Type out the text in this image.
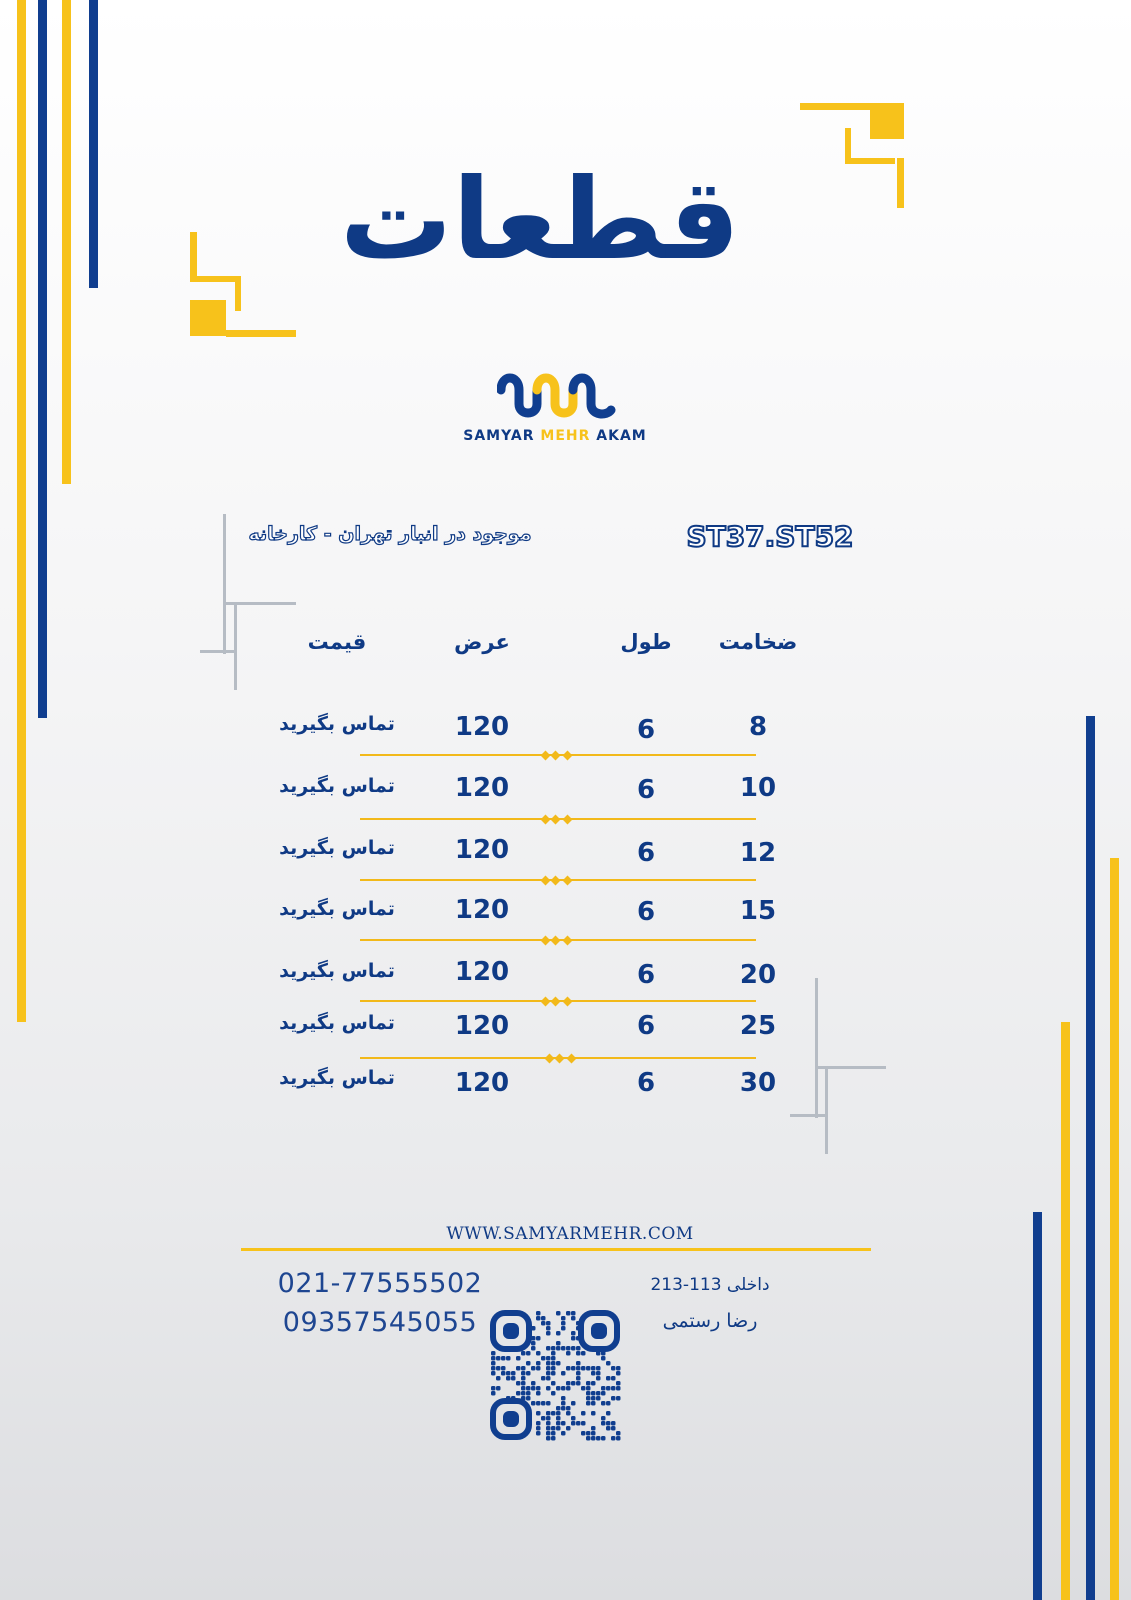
قطعات
SAMYAR MEHR AKAM
ST37.ST52
موجود در انبار تهران - کارخانه
ضخامت
طول
عرض
قیمت
8
6
120
تماس بگیرید
10
6
120
تماس بگیرید
12
6
120
تماس بگیرید
15
6
120
تماس بگیرید
20
6
120
تماس بگیرید
25
6
120
تماس بگیرید
30
6
120
تماس بگیرید
WWW.SAMYARMEHR.COM
داخلی 113-213
رضا رستمی
021-77555502
09357545055
